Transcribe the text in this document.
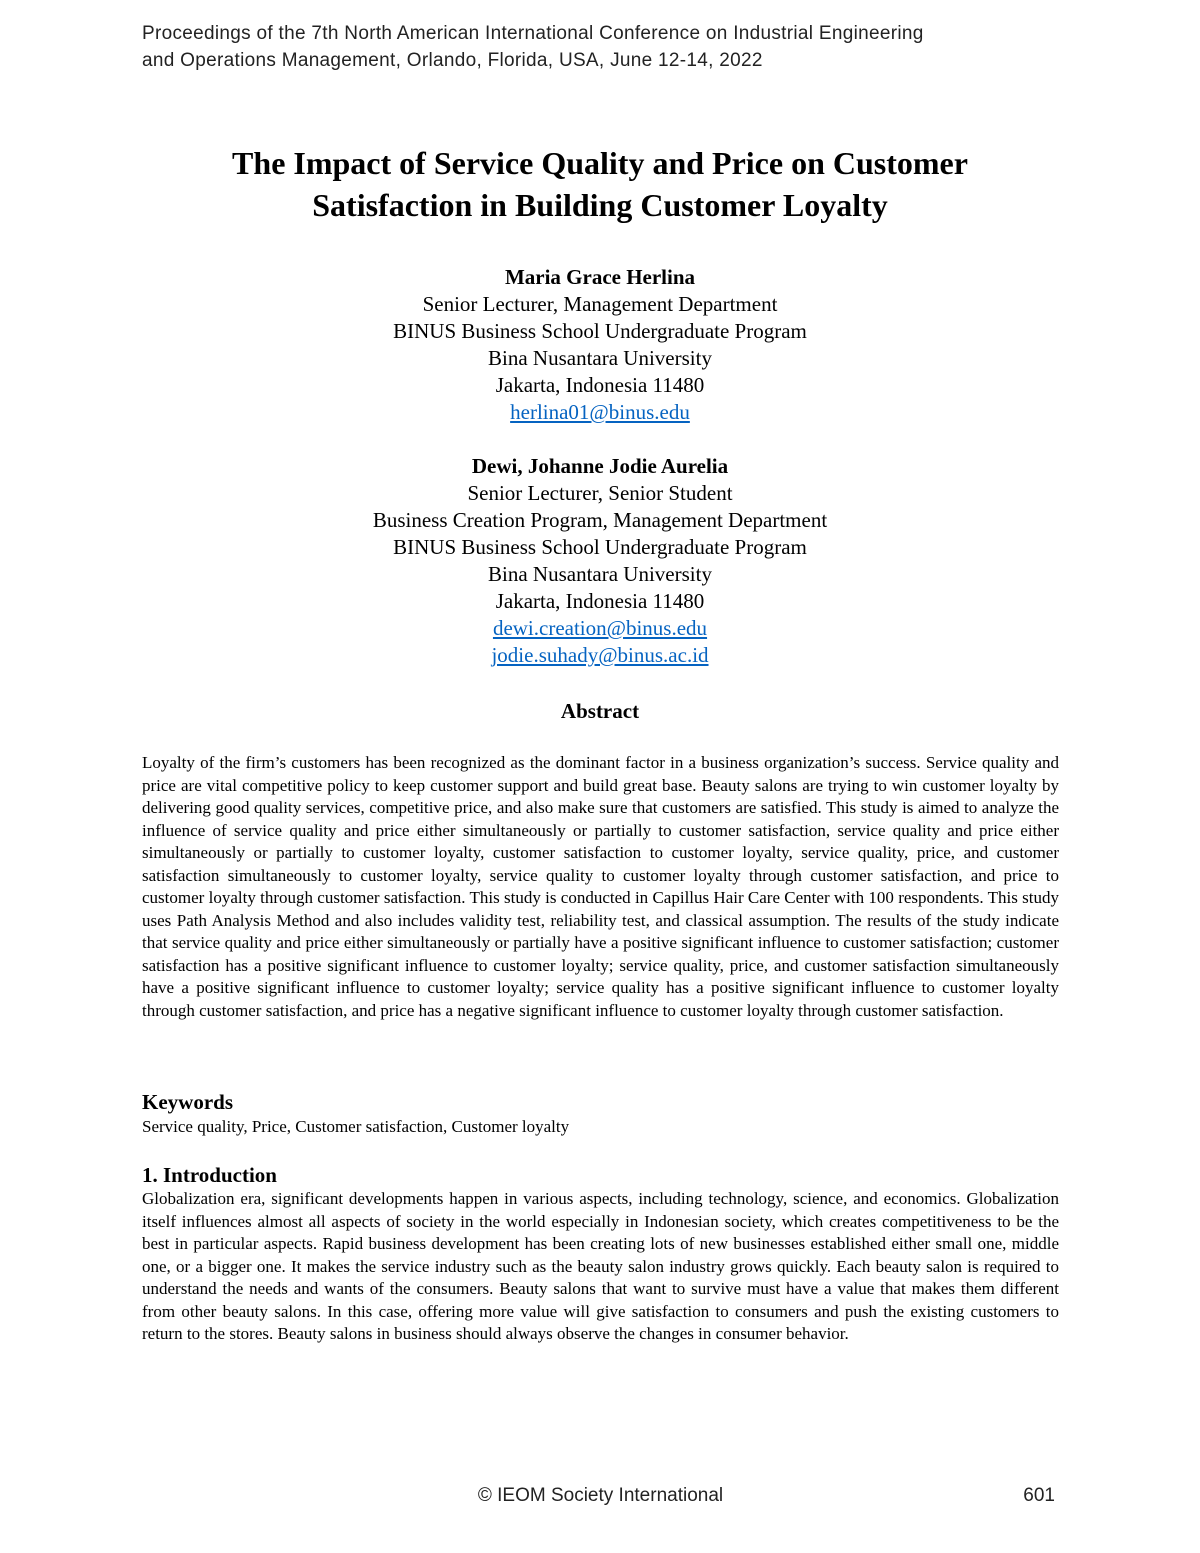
Proceedings of the 7th North American International Conference on Industrial Engineering
and Operations Management, Orlando, Florida, USA, June 12-14, 2022
The Impact of Service Quality and Price on Customer
Satisfaction in Building Customer Loyalty
Maria Grace Herlina
Senior Lecturer, Management Department
BINUS Business School Undergraduate Program
Bina Nusantara University
Jakarta, Indonesia 11480
herlina01@binus.edu
Dewi, Johanne Jodie Aurelia
Senior Lecturer, Senior Student
Business Creation Program, Management Department
BINUS Business School Undergraduate Program
Bina Nusantara University
Jakarta, Indonesia 11480
dewi.creation@binus.edu
jodie.suhady@binus.ac.id
Abstract
Loyalty of the firm’s customers has been recognized as the dominant factor in a business organization’s success. Service quality and price are vital competitive policy to keep customer support and build great base. Beauty salons are trying to win customer loyalty by delivering good quality services, competitive price, and also make sure that customers are satisfied. This study is aimed to analyze the influence of service quality and price either simultaneously or partially to customer satisfaction, service quality and price either simultaneously or partially to customer loyalty, customer satisfaction to customer loyalty, service quality, price, and customer satisfaction simultaneously to customer loyalty, service quality to customer loyalty through customer satisfaction, and price to customer loyalty through customer satisfaction. This study is conducted in Capillus Hair Care Center with 100 respondents. This study uses Path Analysis Method and also includes validity test, reliability test, and classical assumption. The results of the study indicate that service quality and price either simultaneously or partially have a positive significant influence to customer satisfaction; customer satisfaction has a positive significant influence to customer loyalty; service quality, price, and customer satisfaction simultaneously have a positive significant influence to customer loyalty; service quality has a positive significant influence to customer loyalty through customer satisfaction, and price has a negative significant influence to customer loyalty through customer satisfaction.
Keywords
Service quality, Price, Customer satisfaction, Customer loyalty
1. Introduction
Globalization era, significant developments happen in various aspects, including technology, science, and economics. Globalization itself influences almost all aspects of society in the world especially in Indonesian society, which creates competitiveness to be the best in particular aspects. Rapid business development has been creating lots of new businesses established either small one, middle one, or a bigger one. It makes the service industry such as the beauty salon industry grows quickly. Each beauty salon is required to understand the needs and wants of the consumers. Beauty salons that want to survive must have a value that makes them different from other beauty salons. In this case, offering more value will give satisfaction to consumers and push the existing customers to return to the stores. Beauty salons in business should always observe the changes in consumer behavior.
© IEOM Society International	601
